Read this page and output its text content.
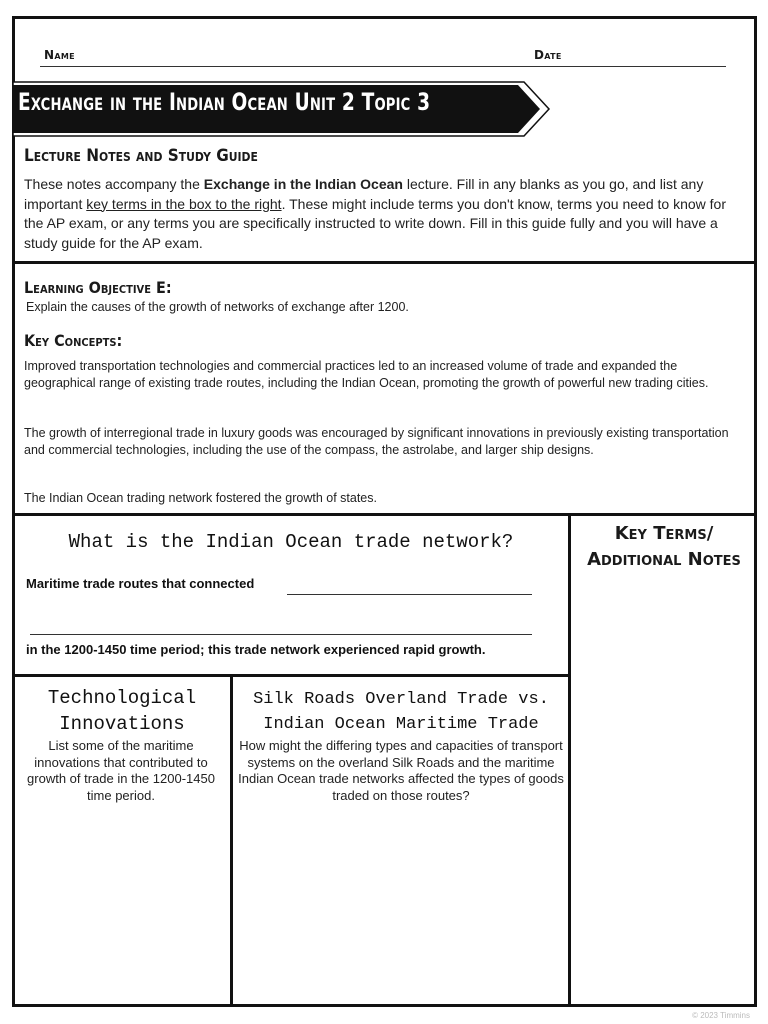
Name	Date
Exchange in the Indian Ocean Unit 2 Topic 3
Lecture Notes and Study Guide
These notes accompany the Exchange in the Indian Ocean lecture. Fill in any blanks as you go, and list any important key terms in the box to the right. These might include terms you don't know, terms you need to know for the AP exam, or any terms you are specifically instructed to write down. Fill in this guide fully and you will have a study guide for the AP exam.
Learning Objective E:
Explain the causes of the growth of networks of exchange after 1200.
Key Concepts:
Improved transportation technologies and commercial practices led to an increased volume of trade and expanded the geographical range of existing trade routes, including the Indian Ocean, promoting the growth of powerful new trading cities.
The growth of interregional trade in luxury goods was encouraged by significant innovations in previously existing transportation and commercial technologies, including the use of the compass, the astrolabe, and larger ship designs.
The Indian Ocean trading network fostered the growth of states.
What is the Indian Ocean trade network?
Maritime trade routes that connected
in the 1200-1450 time period; this trade network experienced rapid growth.
Key Terms/
Additional Notes
Technological
Innovations
List some of the maritime innovations that contributed to growth of trade in the 1200-1450 time period.
Silk Roads Overland Trade vs.
Indian Ocean Maritime Trade
How might the differing types and capacities of transport systems on the overland Silk Roads and the maritime Indian Ocean trade networks affected the types of goods traded on those routes?
© 2023 Timmins
